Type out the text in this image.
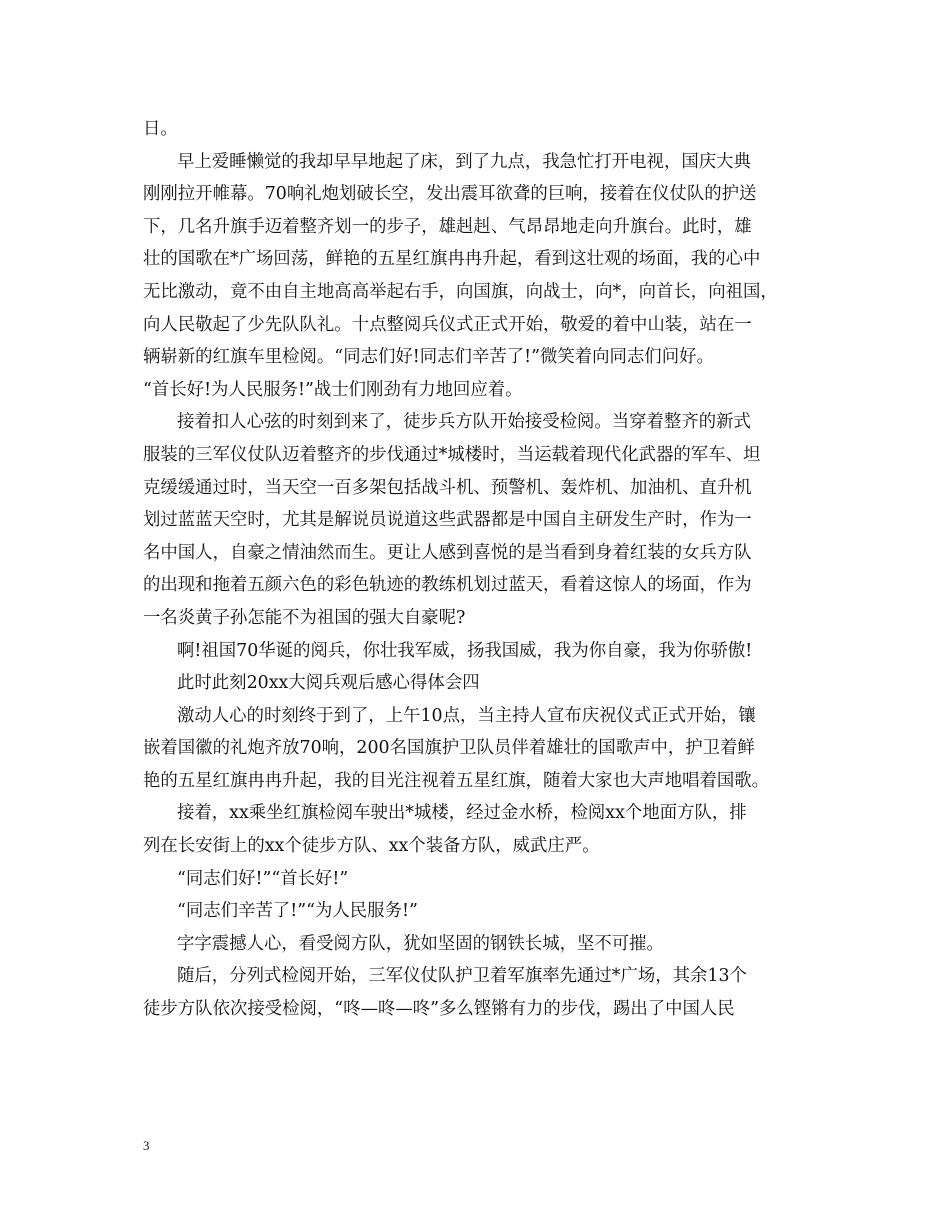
日。
早上爱睡懒觉的我却早早地起了床，到了九点，我急忙打开电视，国庆大典
刚刚拉开帷幕。70响礼炮划破长空，发出震耳欲聋的巨响，接着在仪仗队的护送
下，几名升旗手迈着整齐划一的步子，雄赳赳、气昂昂地走向升旗台。此时，雄
壮的国歌在*广场回荡，鲜艳的五星红旗冉冉升起，看到这壮观的场面，我的心中
无比激动，竟不由自主地高高举起右手，向国旗，向战士，向*，向首长，向祖国，
向人民敬起了少先队队礼。十点整阅兵仪式正式开始，敬爱的着中山装，站在一
辆崭新的红旗车里检阅。“同志们好!同志们辛苦了!”微笑着向同志们问好。
“首长好!为人民服务!”战士们刚劲有力地回应着。
接着扣人心弦的时刻到来了，徒步兵方队开始接受检阅。当穿着整齐的新式
服装的三军仪仗队迈着整齐的步伐通过*城楼时，当运载着现代化武器的军车、坦
克缓缓通过时，当天空一百多架包括战斗机、预警机、轰炸机、加油机、直升机
划过蓝蓝天空时，尤其是解说员说道这些武器都是中国自主研发生产时，作为一
名中国人，自豪之情油然而生。更让人感到喜悦的是当看到身着红装的女兵方队
的出现和拖着五颜六色的彩色轨迹的教练机划过蓝天，看着这惊人的场面，作为
一名炎黄子孙怎能不为祖国的强大自豪呢?
啊!祖国70华诞的阅兵，你壮我军威，扬我国威，我为你自豪，我为你骄傲!
此时此刻20xx大阅兵观后感心得体会四
激动人心的时刻终于到了，上午10点，当主持人宣布庆祝仪式正式开始，镶
嵌着国徽的礼炮齐放70响，200名国旗护卫队员伴着雄壮的国歌声中，护卫着鲜
艳的五星红旗冉冉升起，我的目光注视着五星红旗，随着大家也大声地唱着国歌。
接着，xx乘坐红旗检阅车驶出*城楼，经过金水桥，检阅xx个地面方队，排
列在长安街上的xx个徒步方队、xx个装备方队，威武庄严。
“同志们好!”“首长好!”
“同志们辛苦了!”“为人民服务!”
字字震撼人心，看受阅方队，犹如坚固的钢铁长城，坚不可摧。
随后，分列式检阅开始，三军仪仗队护卫着军旗率先通过*广场，其余13个
徒步方队依次接受检阅，“咚—咚—咚”多么铿锵有力的步伐，踢出了中国人民
3
